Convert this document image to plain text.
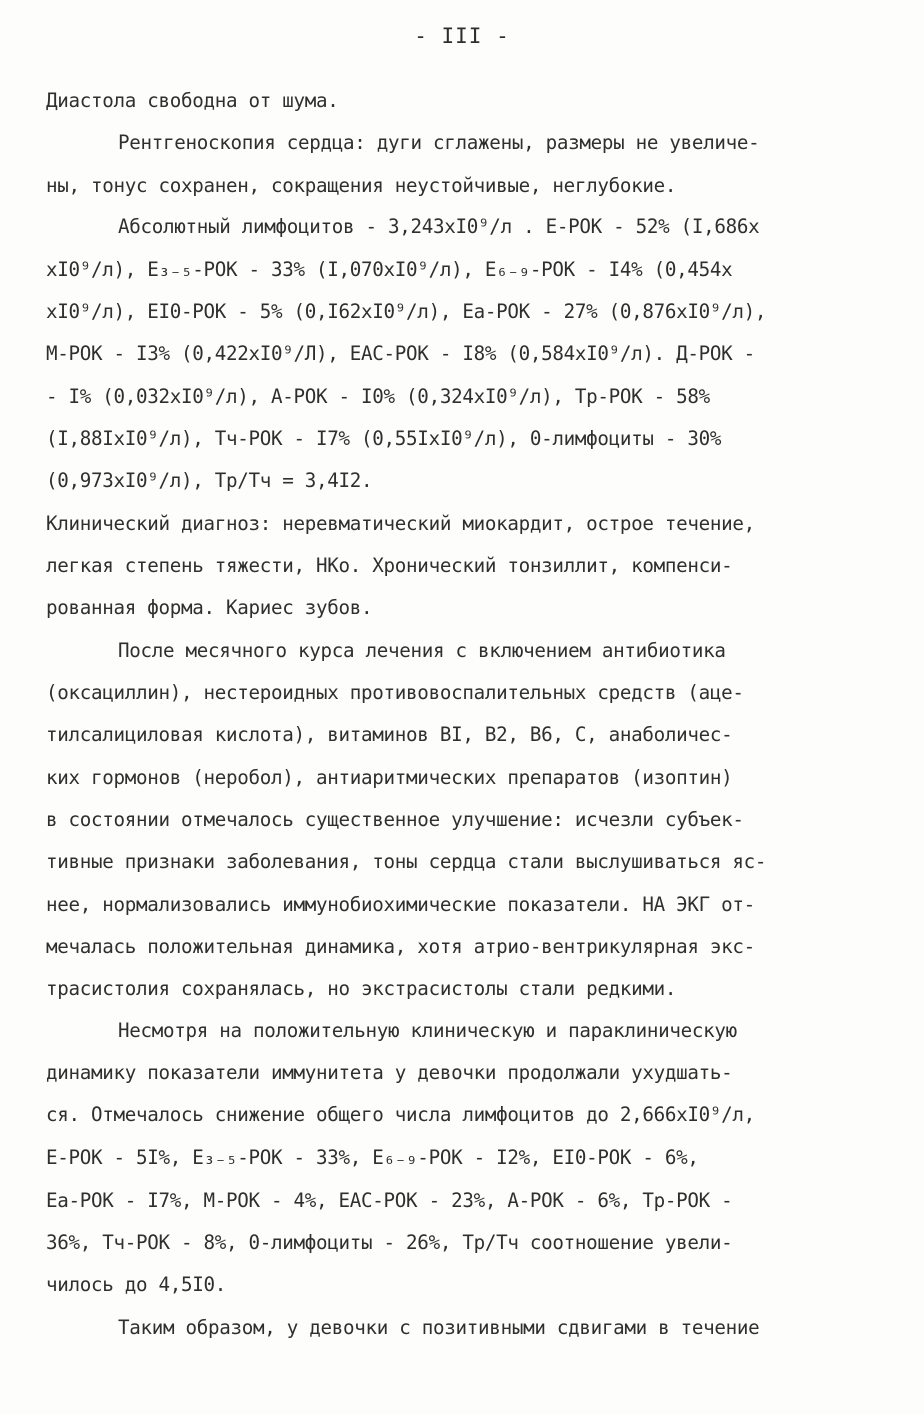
- III -
Диастола свободна от шума.
Рентгеноскопия сердца: дуги сглажены, размеры не увеличе-
ны, тонус сохранен, сокращения неустойчивые, неглубокие.
Абсолютный лимфоцитов - 3,243хI0⁹/л . Е-РОК - 52% (I,686х
хI0⁹/л), Е₃₋₅-РОК - 33% (I,070хI0⁹/л), Е₆₋₉-РОК - I4% (0,454х
хI0⁹/л), ЕI0-РОК - 5% (0,I62хI0⁹/л), Еа-РОК - 27% (0,876хI0⁹/л),
М-РОК - I3% (0,422хI0⁹/Л), ЕАС-РОК - I8% (0,584хI0⁹/л). Д-РОК -
- I% (0,032хI0⁹/л), А-РОК - I0% (0,324хI0⁹/л), Тр-РОК - 58%
(I,88IхI0⁹/л), Тч-РОК - I7% (0,55IхI0⁹/л), 0-лимфоциты - 30%
(0,973хI0⁹/л), Тр/Тч = 3,4I2.
Клинический диагноз: неревматический миокардит, острое течение,
легкая степень тяжести, НКо. Хронический тонзиллит, компенси-
рованная форма. Кариес зубов.
После месячного курса лечения с включением антибиотика
(оксациллин), нестероидных противовоспалительных средств (аце-
тилсалициловая кислота), витаминов ВI, В2, В6, С, анаболичес-
ких гормонов (неробол), антиаритмических препаратов (изоптин)
в состоянии отмечалось существенное улучшение: исчезли субъек-
тивные признаки заболевания, тоны сердца стали выслушиваться яс-
нее, нормализовались иммунобиохимические показатели. НА ЭКГ от-
мечалась положительная динамика, хотя атрио-вентрикулярная экс-
трасистолия сохранялась, но экстрасистолы стали редкими.
Несмотря на положительную клиническую и параклиническую
динамику показатели иммунитета у девочки продолжали ухудшать-
ся. Отмечалось снижение общего числа лимфоцитов до 2,666хI0⁹/л,
Е-РОК - 5I%, Е₃₋₅-РОК - 33%, Е₆₋₉-РОК - I2%, ЕI0-РОК - 6%,
Еа-РОК - I7%, М-РОК - 4%, ЕАС-РОК - 23%, А-РОК - 6%, Тр-РОК -
36%, Тч-РОК - 8%, 0-лимфоциты - 26%, Тр/Тч соотношение увели-
чилось до 4,5I0.
Таким образом, у девочки с позитивными сдвигами в течение
